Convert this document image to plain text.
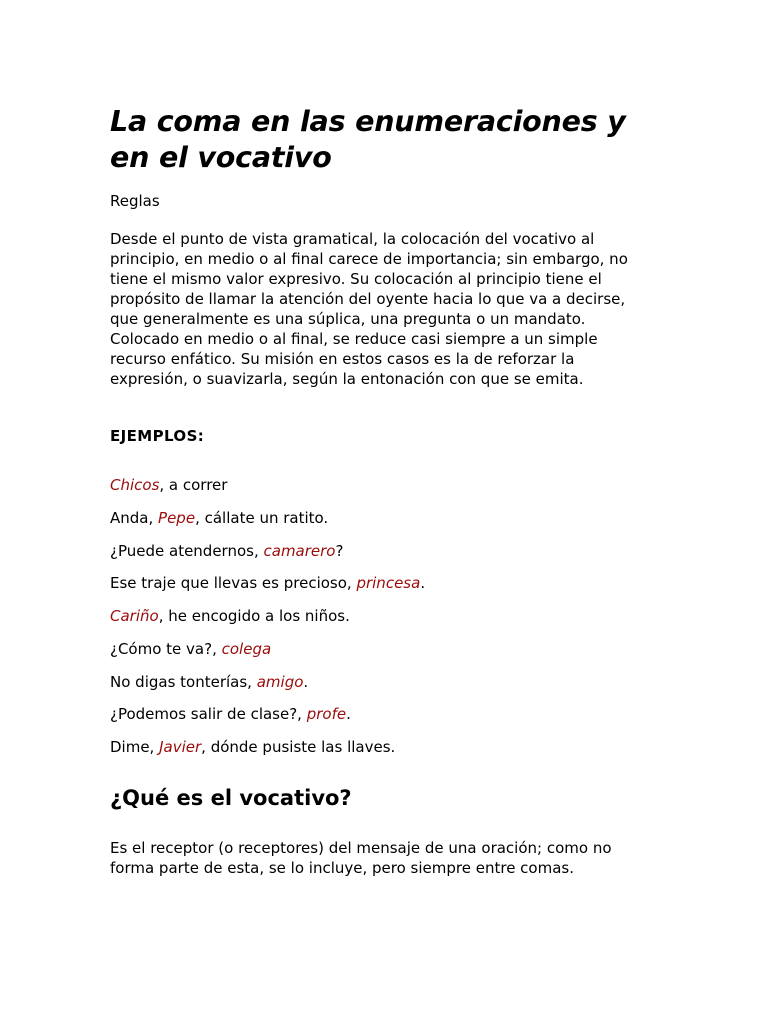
La coma en las enumeraciones y en el vocativo

Reglas

Desde el punto de vista gramatical, la colocación del vocativo al principio, en medio o al final carece de importancia; sin embargo, no tiene el mismo valor expresivo. Su colocación al principio tiene el propósito de llamar la atención del oyente hacia lo que va a decirse, que generalmente es una súplica, una pregunta o un mandato. Colocado en medio o al final, se reduce casi siempre a un simple recurso enfático. Su misión en estos casos es la de reforzar la expresión, o suavizarla, según la entonación con que se emita.

EJEMPLOS:

Chicos, a correr

Anda, Pepe, cállate un ratito.

¿Puede atendernos, camarero?

Ese traje que llevas es precioso, princesa.

Cariño, he encogido a los niños.

¿Cómo te va?, colega

No digas tonterías, amigo.

¿Podemos salir de clase?, profe.

Dime, Javier, dónde pusiste las llaves.

¿Qué es el vocativo?

Es el receptor (o receptores) del mensaje de una oración; como no forma parte de esta, se lo incluye, pero siempre entre comas.
